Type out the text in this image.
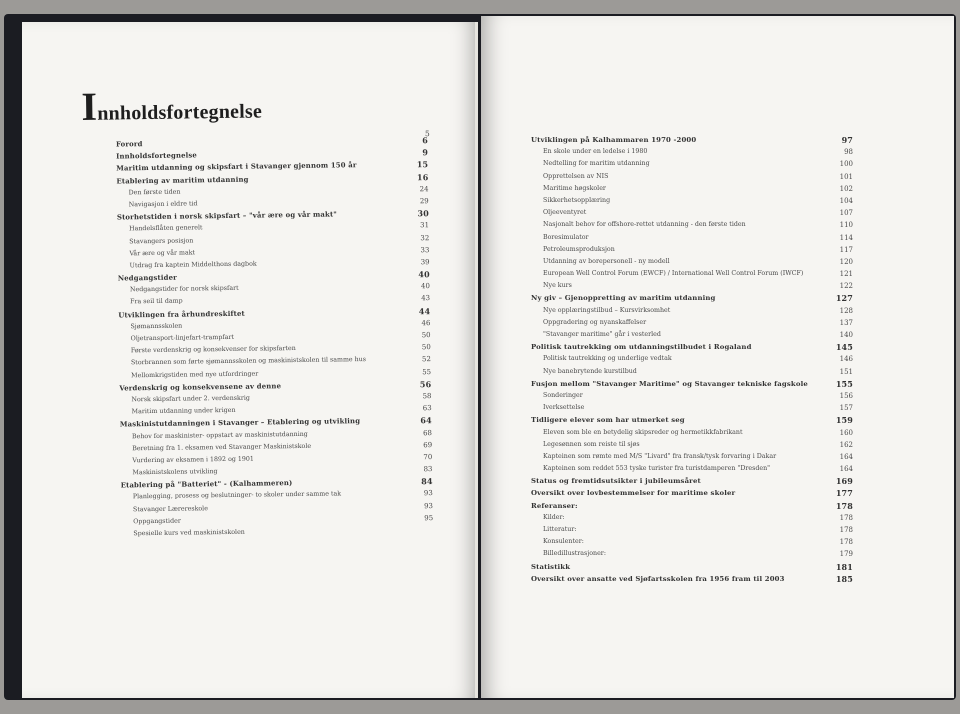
Innholdsfortegnelse
5
Forord	6
Innholdsfortegnelse	9
Maritim utdanning og skipsfart i Stavanger gjennom 150 år	15
Etablering av maritim utdanning	16
Den første tiden	24
Navigasjon i eldre tid	29
Storhetstiden i norsk skipsfart – "vår ære og vår makt"	30
Handelsflåten generelt	31
Stavangers posisjon	32
Vår ære og vår makt	33
Utdrag fra kaptein Middelthons dagbok	39
Nedgangstider	40
Nedgangstider for norsk skipsfart	40
Fra seil til damp	43
Utviklingen fra århundreskiftet	44
Sjømannsskolen	46
Oljetransport-linjefart-trampfart	50
Første verdenskrig og konsekvenser for skipsfarten	50
Storbrannen som førte sjømannsskolen og maskinistskolen til samme hus	52
Mellomkrigstiden med nye utfordringer	55
Verdenskrig og konsekvensene av denne	56
Norsk skipsfart under 2. verdenskrig	58
Maritim utdanning under krigen	63
Maskinistutdanningen i Stavanger – Etablering og utvikling	64
Behov for maskinister- oppstart av maskinistutdanning	68
Beretning fra 1. eksamen ved Stavanger Maskinistskole	69
Vurdering av eksamen i 1892 og 1901	70
Maskinistskolens utvikling	83
Etablering på "Batteriet" - (Kalhammeren)	84
Planlegging, prosess og beslutninger- to skoler under samme tak	93
Stavanger Lærereskole	93
Oppgangstider	95
Spesielle kurs ved maskinistskolen
Utviklingen på Kalhammaren 1970 -2000	97
En skole under en ledelse i 1980	98
Nedtelling for maritim utdanning	100
Opprettelsen av NIS	101
Maritime høgskoler	102
Sikkerhetsopplæring	104
Oljeeventyret	107
Nasjonalt behov for offshore-rettet utdanning - den første tiden	110
Boresimulator	114
Petroleumsproduksjon	117
Utdanning av borepersonell - ny modell	120
European Well Control Forum (EWCF) / International Well Control Forum (IWCF)	121
Nye kurs	122
Ny giv – Gjenoppretting av maritim utdanning	127
Nye opplæringstilbud – Kursvirksomhet	128
Oppgradering og nyanskaffelser	137
"Stavanger maritime" går i vesterled	140
Politisk tautrekking om utdanningstilbudet i Rogaland	145
Politisk tautrekking og underlige vedtak	146
Nye banebrytende kurstilbud	151
Fusjon mellom "Stavanger Maritime" og Stavanger tekniske fagskole	155
Sonderinger	156
Iverksettelse	157
Tidligere elever som har utmerket seg	159
Eleven som ble en betydelig skipsreder og hermetikkfabrikant	160
Legesønnen som reiste til sjøs	162
Kapteinen som rømte med M/S "Livard" fra fransk/tysk forvaring i Dakar	164
Kapteinen som reddet 553 tyske turister fra turistdamperen "Dresden"	164
Status og fremtidsutsikter i jubileumsåret	169
Oversikt over lovbestemmelser for maritime skoler	177
Referanser:	178
Kilder:	178
Litteratur:	178
Konsulenter:	178
Billedillustrasjoner:	179
Statistikk	181
Oversikt over ansatte ved Sjøfartsskolen fra 1956 fram til 2003	185
